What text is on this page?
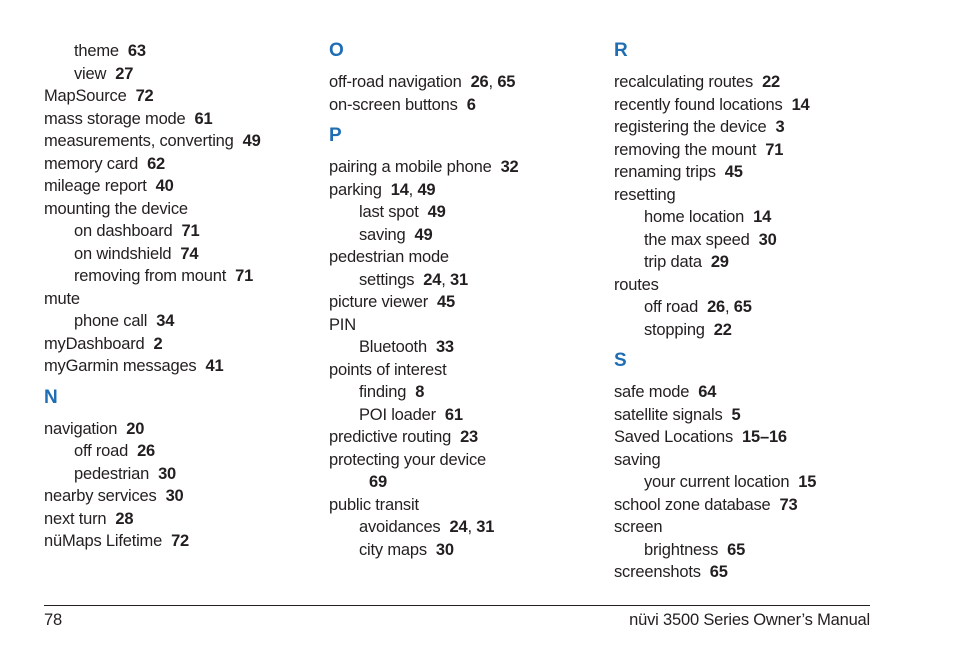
theme 63
view 27
MapSource 72
mass storage mode 61
measurements, converting 49
memory card 62
mileage report 40
mounting the device
on dashboard 71
on windshield 74
removing from mount 71
mute
phone call 34
myDashboard 2
myGarmin messages 41
N
navigation 20
off road 26
pedestrian 30
nearby services 30
next turn 28
nüMaps Lifetime 72
O
off-road navigation 26, 65
on-screen buttons 6
P
pairing a mobile phone 32
parking 14, 49
last spot 49
saving 49
pedestrian mode
settings 24, 31
picture viewer 45
PIN
Bluetooth 33
points of interest
finding 8
POI loader 61
predictive routing 23
protecting your device
69
public transit
avoidances 24, 31
city maps 30
R
recalculating routes 22
recently found locations 14
registering the device 3
removing the mount 71
renaming trips 45
resetting
home location 14
the max speed 30
trip data 29
routes
off road 26, 65
stopping 22
S
safe mode 64
satellite signals 5
Saved Locations 15–16
saving
your current location 15
school zone database 73
screen
brightness 65
screenshots 65
78	nüvi 3500 Series Owner’s Manual
